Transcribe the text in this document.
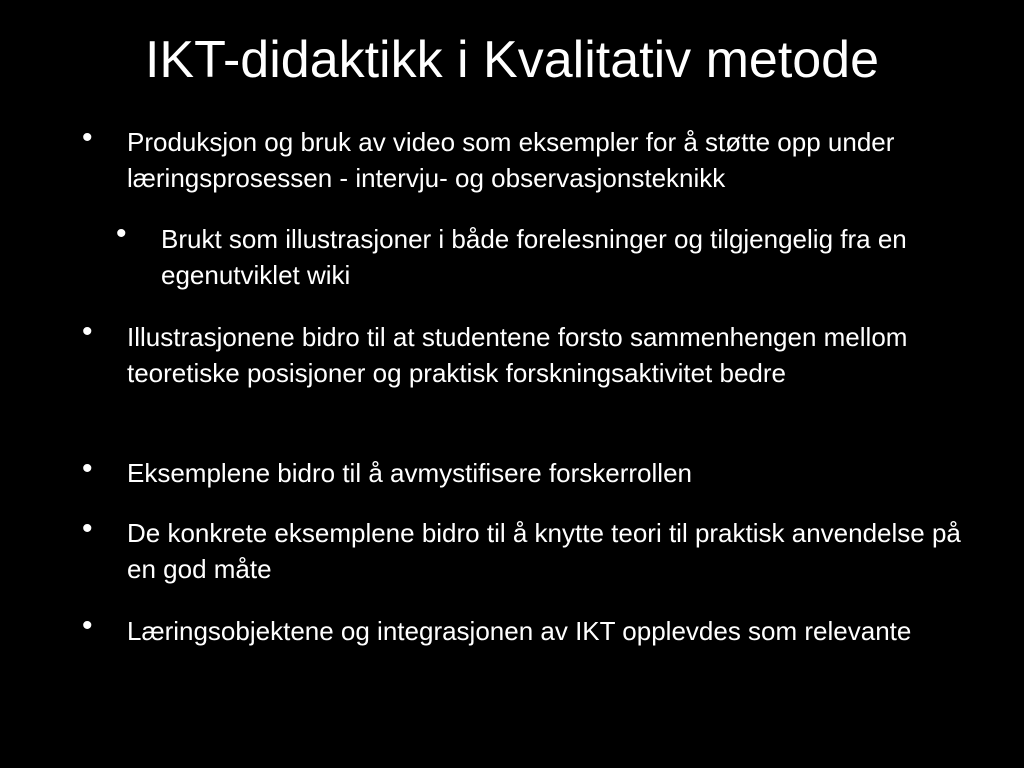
IKT-didaktikk i Kvalitativ metode
• Produksjon og bruk av video som eksempler for å støtte opp under læringsprosessen - intervju- og observasjonsteknikk
• Brukt som illustrasjoner i både forelesninger og tilgjengelig fra en egenutviklet wiki
• Illustrasjonene bidro til at studentene forsto sammenhengen mellom teoretiske posisjoner og praktisk forskningsaktivitet bedre
• Eksemplene bidro til å avmystifisere forskerrollen
• De konkrete eksemplene bidro til å knytte teori til praktisk anvendelse på en god måte
• Læringsobjektene og integrasjonen av IKT opplevdes som relevante
